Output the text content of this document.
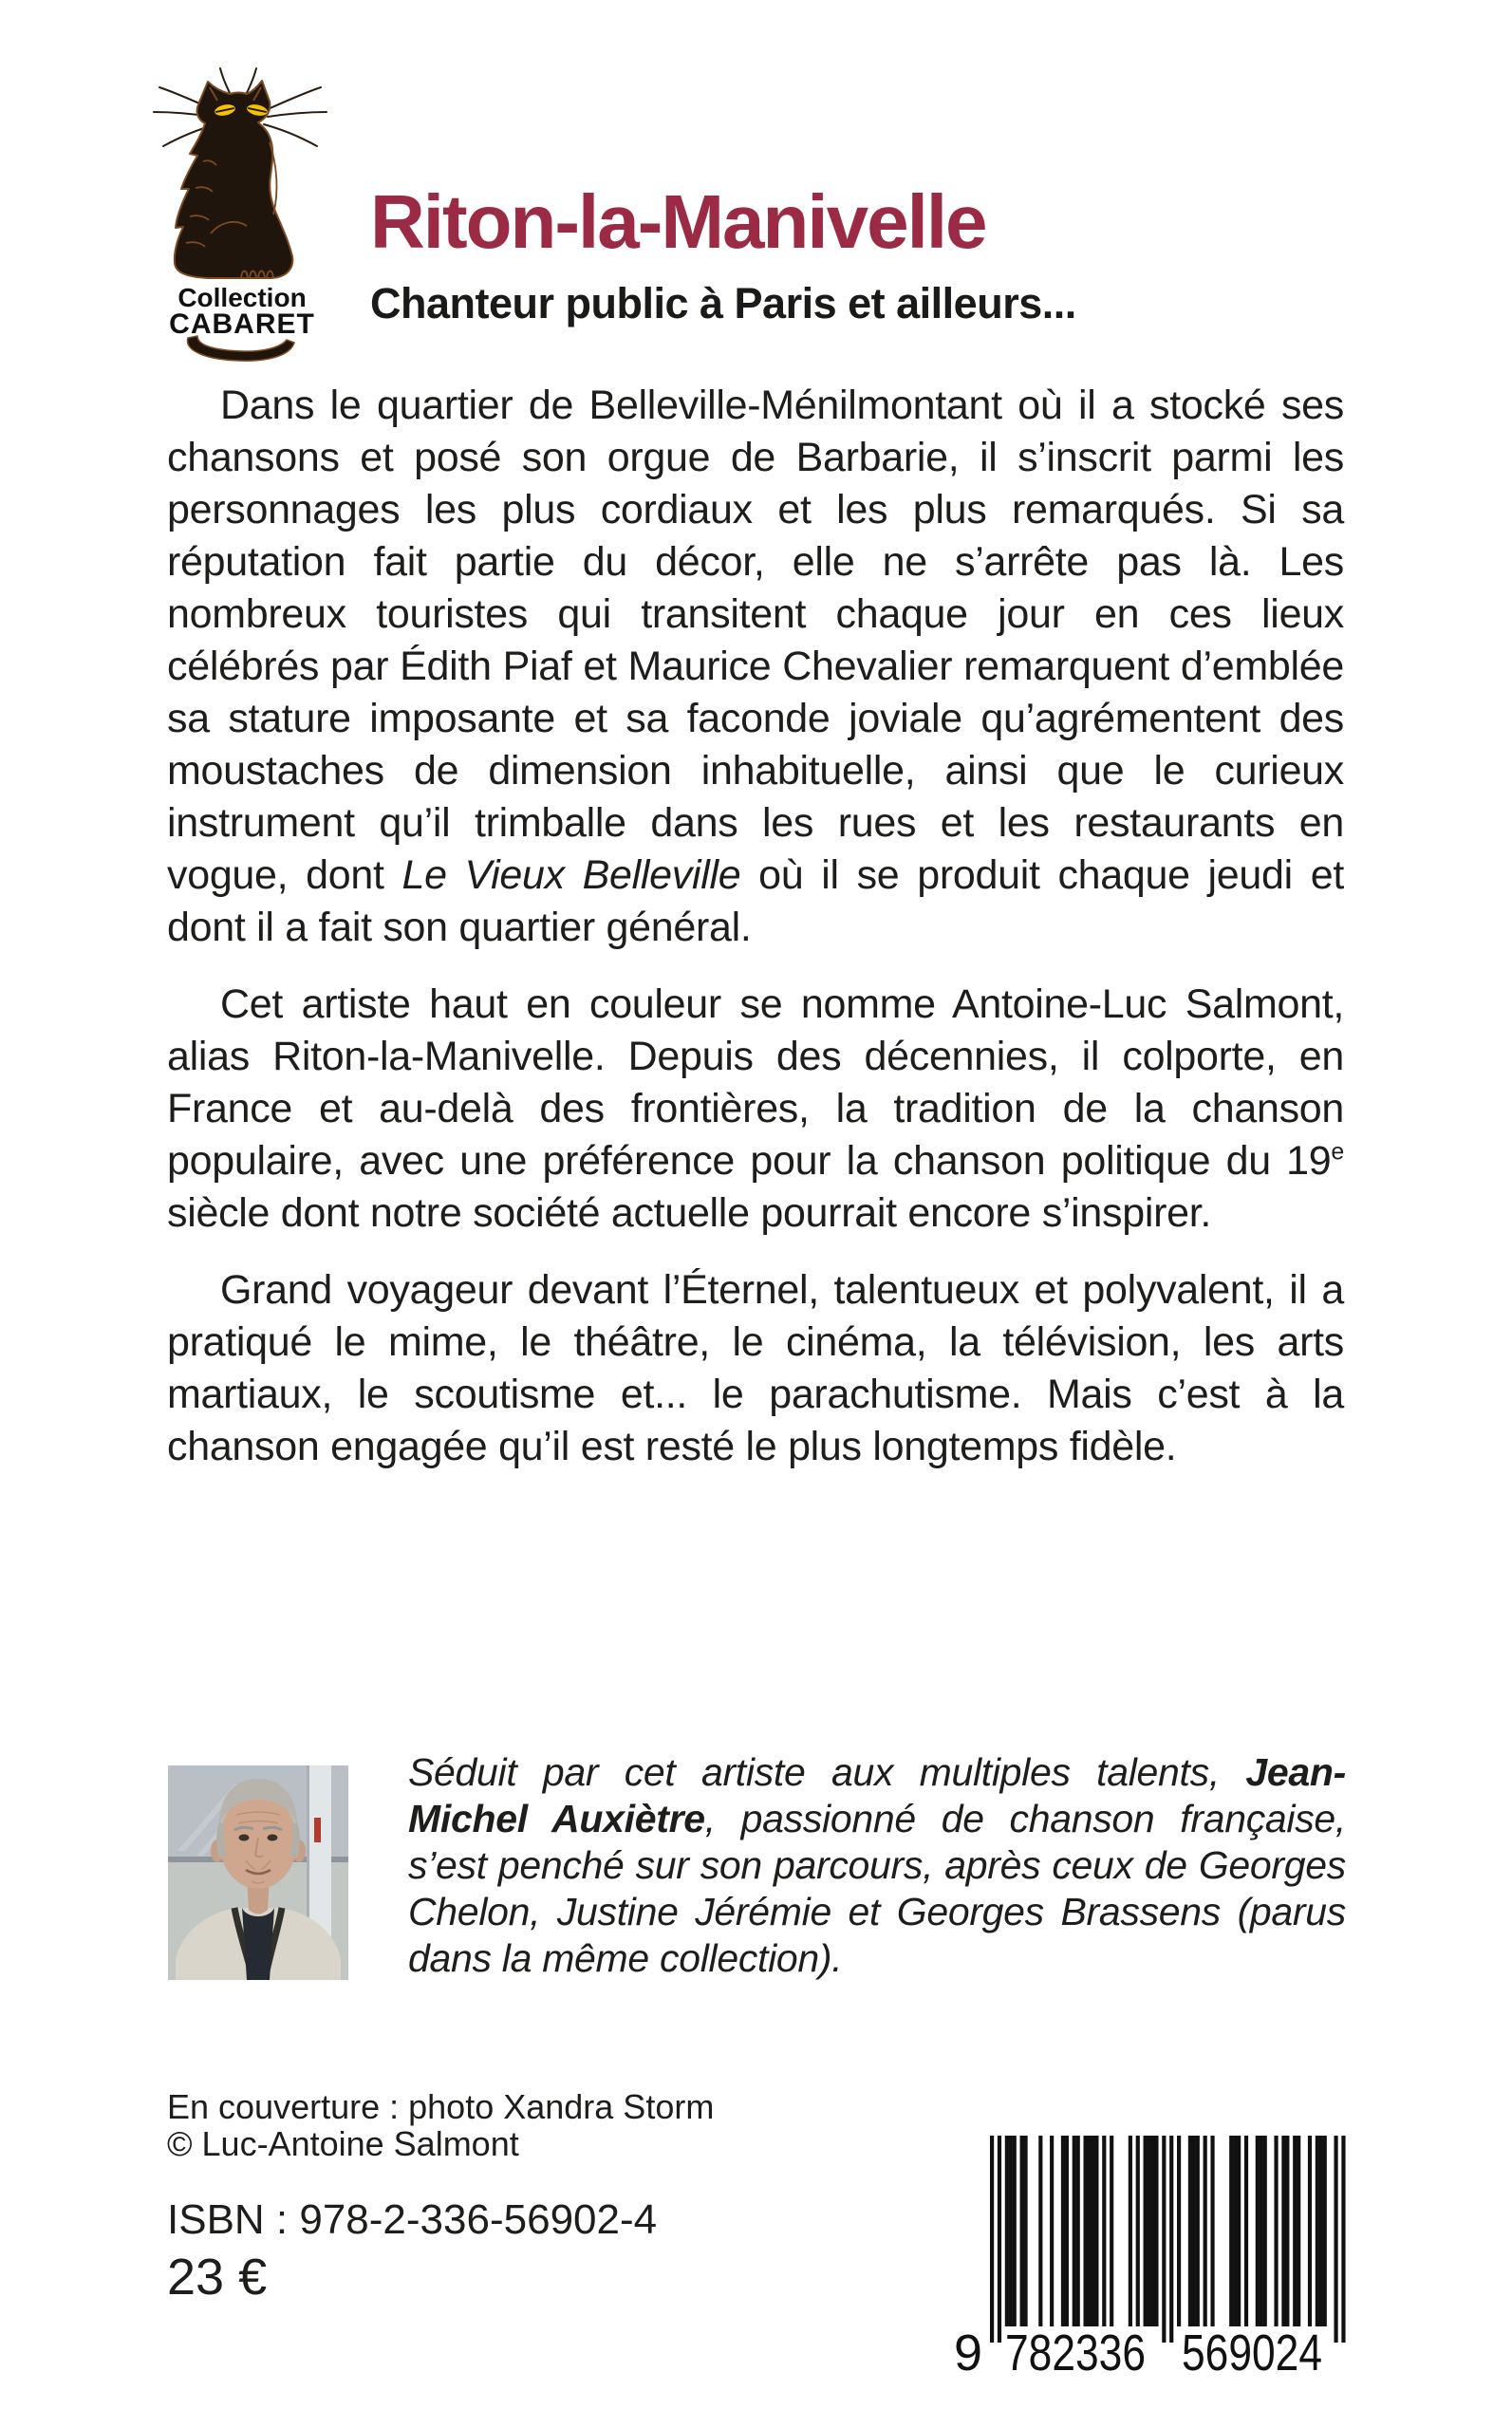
Collection
CABARET
Riton-la-Manivelle
Chanteur public à Paris et ailleurs...

Dans le quartier de Belleville-Ménilmontant où il a stocké ses chansons et posé son orgue de Barbarie, il s’inscrit parmi les personnages les plus cordiaux et les plus remarqués. Si sa réputation fait partie du décor, elle ne s’arrête pas là. Les nombreux touristes qui transitent chaque jour en ces lieux célébrés par Édith Piaf et Maurice Chevalier remarquent d’emblée sa stature imposante et sa faconde joviale qu’agrémentent des moustaches de dimension inhabituelle, ainsi que le curieux instrument qu’il trimballe dans les rues et les restaurants en vogue, dont Le Vieux Belleville où il se produit chaque jeudi et dont il a fait son quartier général.

Cet artiste haut en couleur se nomme Antoine-Luc Salmont, alias Riton-la-Manivelle. Depuis des décennies, il colporte, en France et au-delà des frontières, la tradition de la chanson populaire, avec une préférence pour la chanson politique du 19e siècle dont notre société actuelle pourrait encore s’inspirer.

Grand voyageur devant l’Éternel, talentueux et polyvalent, il a pratiqué le mime, le théâtre, le cinéma, la télévision, les arts martiaux, le scoutisme et... le parachutisme. Mais c’est à la chanson engagée qu’il est resté le plus longtemps fidèle.

Séduit par cet artiste aux multiples talents, Jean-Michel Auxiètre, passionné de chanson française, s’est penché sur son parcours, après ceux de Georges Chelon, Justine Jérémie et Georges Brassens (parus dans la même collection).
En couverture : photo Xandra Storm
© Luc-Antoine Salmont
ISBN : 978-2-336-56902-4
23 €
9 782336 569024
